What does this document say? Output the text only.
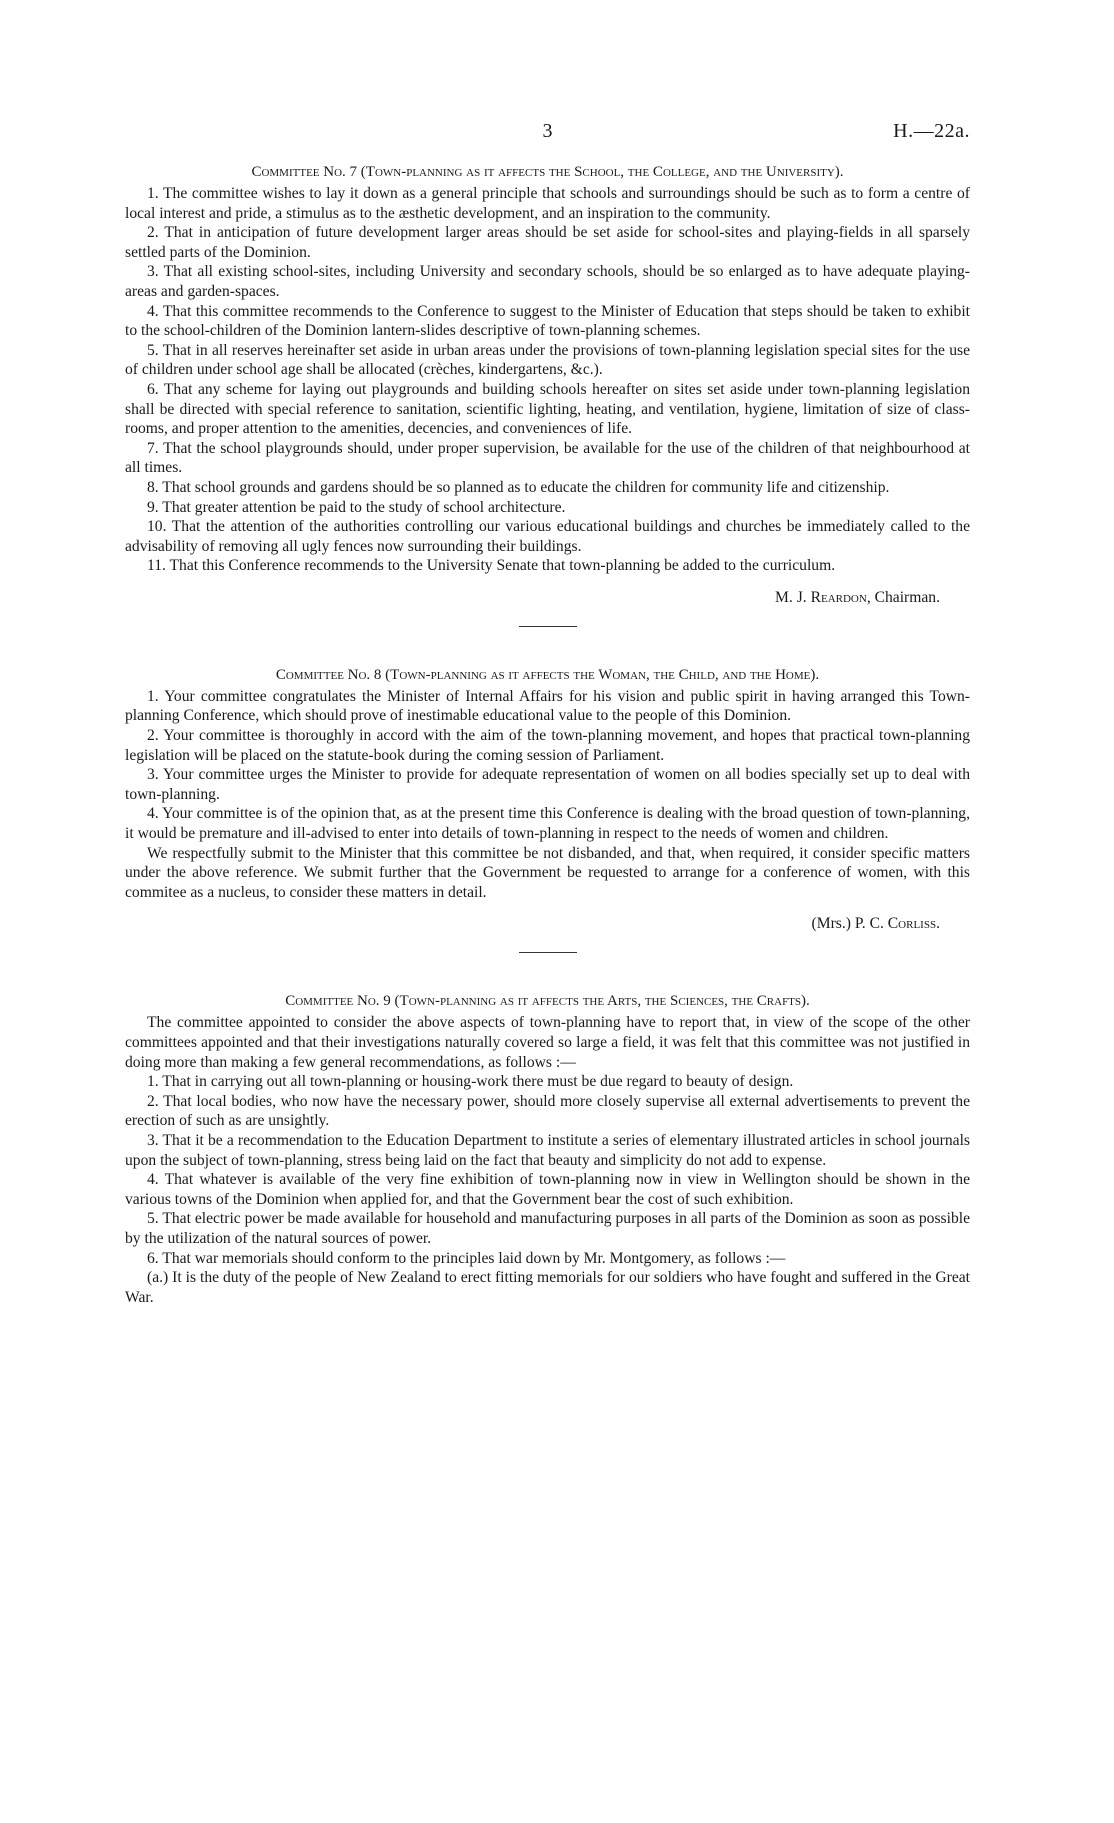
3	H.—22a.
Committee No. 7 (Town-planning as it affects the School, the College, and the University).

1. The committee wishes to lay it down as a general principle that schools and surroundings should be such as to form a centre of local interest and pride, a stimulus as to the æsthetic development, and an inspiration to the community.

2. That in anticipation of future development larger areas should be set aside for school-sites and playing-fields in all sparsely settled parts of the Dominion.

3. That all existing school-sites, including University and secondary schools, should be so enlarged as to have adequate playing-areas and garden-spaces.

4. That this committee recommends to the Conference to suggest to the Minister of Education that steps should be taken to exhibit to the school-children of the Dominion lantern-slides descriptive of town-planning schemes.

5. That in all reserves hereinafter set aside in urban areas under the provisions of town-planning legislation special sites for the use of children under school age shall be allocated (crèches, kindergartens, &c.).

6. That any scheme for laying out playgrounds and building schools hereafter on sites set aside under town-planning legislation shall be directed with special reference to sanitation, scientific lighting, heating, and ventilation, hygiene, limitation of size of class-rooms, and proper attention to the amenities, decencies, and conveniences of life.

7. That the school playgrounds should, under proper supervision, be available for the use of the children of that neighbourhood at all times.

8. That school grounds and gardens should be so planned as to educate the children for community life and citizenship.

9. That greater attention be paid to the study of school architecture.

10. That the attention of the authorities controlling our various educational buildings and churches be immediately called to the advisability of removing all ugly fences now surrounding their buildings.

11. That this Conference recommends to the University Senate that town-planning be added to the curriculum.

M. J. Reardon, Chairman.
Committee No. 8 (Town-planning as it affects the Woman, the Child, and the Home).

1. Your committee congratulates the Minister of Internal Affairs for his vision and public spirit in having arranged this Town-planning Conference, which should prove of inestimable educational value to the people of this Dominion.

2. Your committee is thoroughly in accord with the aim of the town-planning movement, and hopes that practical town-planning legislation will be placed on the statute-book during the coming session of Parliament.

3. Your committee urges the Minister to provide for adequate representation of women on all bodies specially set up to deal with town-planning.

4. Your committee is of the opinion that, as at the present time this Conference is dealing with the broad question of town-planning, it would be premature and ill-advised to enter into details of town-planning in respect to the needs of women and children.

We respectfully submit to the Minister that this committee be not disbanded, and that, when required, it consider specific matters under the above reference. We submit further that the Government be requested to arrange for a conference of women, with this commitee as a nucleus, to consider these matters in detail.

(Mrs.) P. C. Corliss.
Committee No. 9 (Town-planning as it affects the Arts, the Sciences, the Crafts).

The committee appointed to consider the above aspects of town-planning have to report that, in view of the scope of the other committees appointed and that their investigations naturally covered so large a field, it was felt that this committee was not justified in doing more than making a few general recommendations, as follows :—

1. That in carrying out all town-planning or housing-work there must be due regard to beauty of design.

2. That local bodies, who now have the necessary power, should more closely supervise all external advertisements to prevent the erection of such as are unsightly.

3. That it be a recommendation to the Education Department to institute a series of elementary illustrated articles in school journals upon the subject of town-planning, stress being laid on the fact that beauty and simplicity do not add to expense.

4. That whatever is available of the very fine exhibition of town-planning now in view in Wellington should be shown in the various towns of the Dominion when applied for, and that the Government bear the cost of such exhibition.

5. That electric power be made available for household and manufacturing purposes in all parts of the Dominion as soon as possible by the utilization of the natural sources of power.

6. That war memorials should conform to the principles laid down by Mr. Montgomery, as follows :—

(a.) It is the duty of the people of New Zealand to erect fitting memorials for our soldiers who have fought and suffered in the Great War.
